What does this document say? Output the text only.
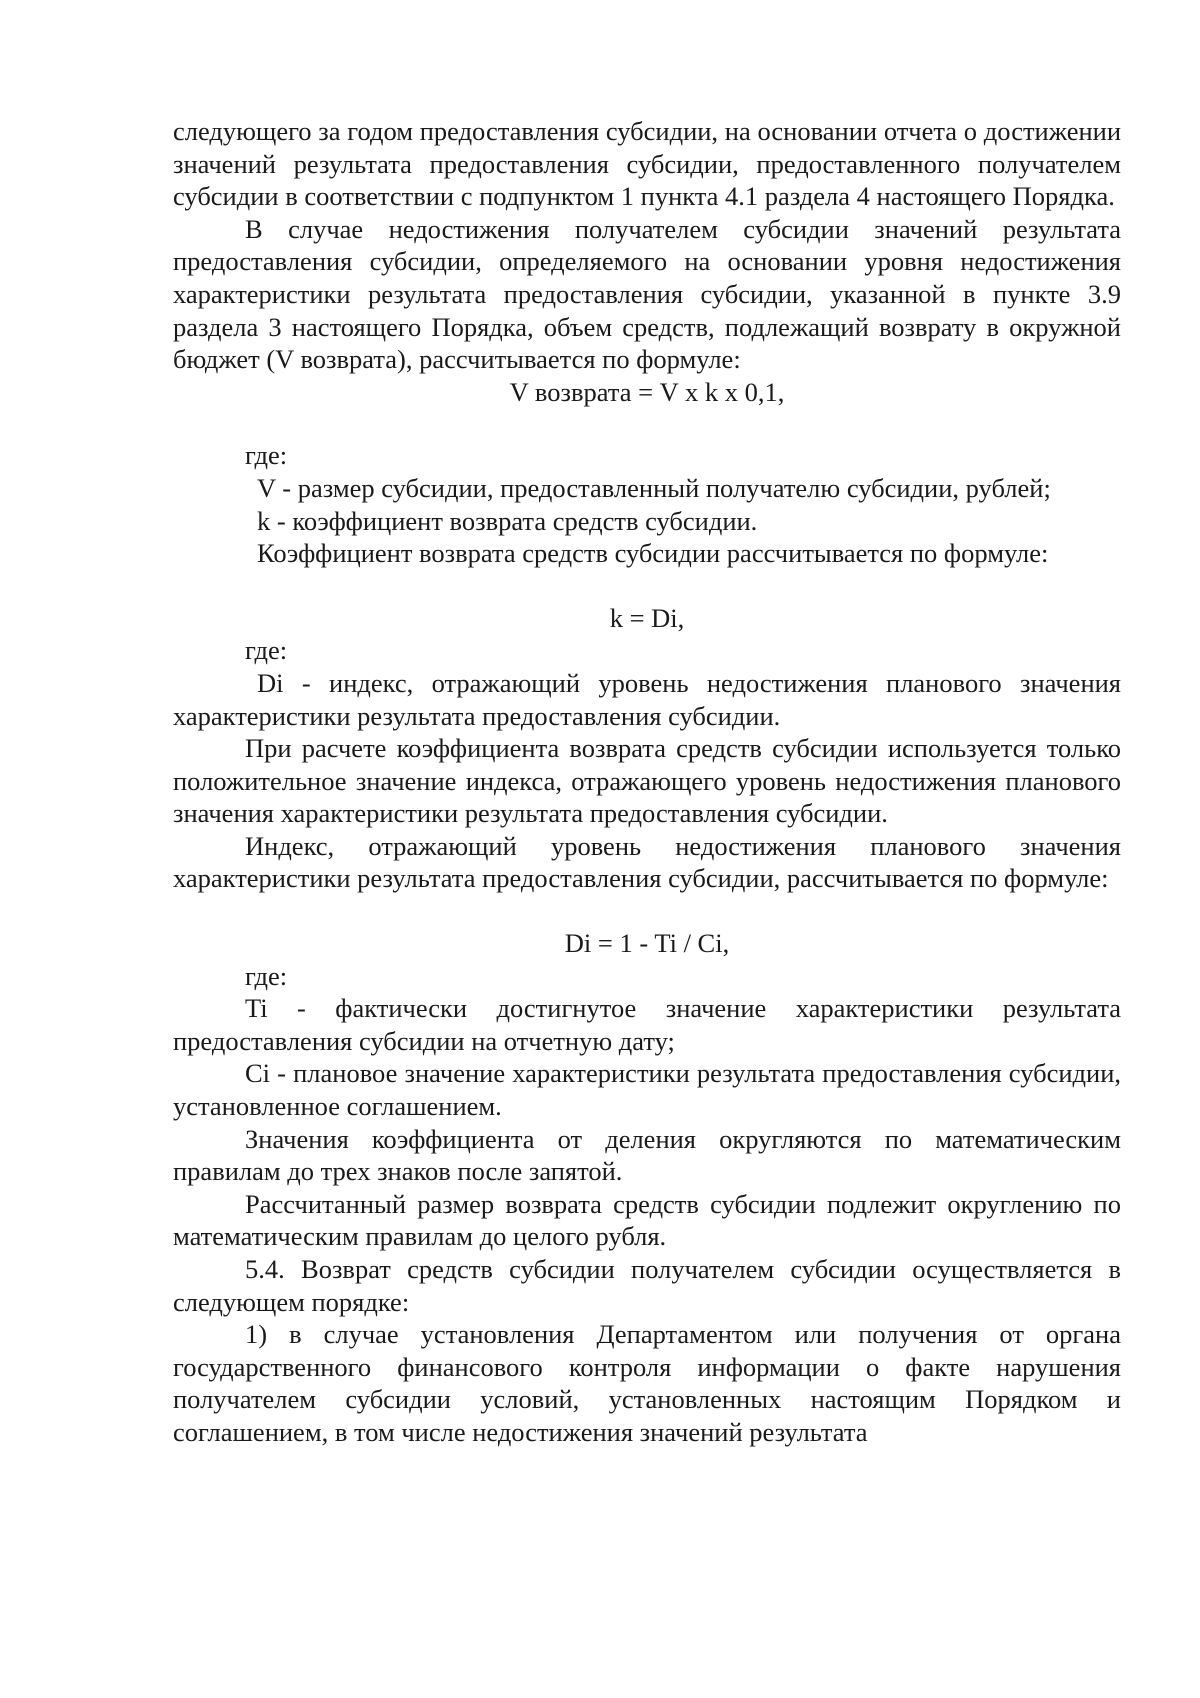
следующего за годом предоставления субсидии, на основании отчета о достижении значений результата предоставления субсидии, предоставленного получателем субсидии в соответствии с подпунктом 1 пункта 4.1 раздела 4 настоящего Порядка.

В случае недостижения получателем субсидии значений результата предоставления субсидии, определяемого на основании уровня недостижения характеристики результата предоставления субсидии, указанной в пункте 3.9 раздела 3 настоящего Порядка, объем средств, подлежащий возврату в окружной бюджет (V возврата), рассчитывается по формуле:

V возврата = V x k x 0,1,

где:

V - размер субсидии, предоставленный получателю субсидии, рублей;

k - коэффициент возврата средств субсидии.

Коэффициент возврата средств субсидии рассчитывается по формуле:

k = Di,

где:

Di - индекс, отражающий уровень недостижения планового значения характеристики результата предоставления субсидии.

При расчете коэффициента возврата средств субсидии используется только положительное значение индекса, отражающего уровень недостижения планового значения характеристики результата предоставления субсидии.

Индекс, отражающий уровень недостижения планового значения характеристики результата предоставления субсидии, рассчитывается по формуле:

Di = 1 - Ti / Ci,

где:

Ti - фактически достигнутое значение характеристики результата предоставления субсидии на отчетную дату;

Ci - плановое значение характеристики результата предоставления субсидии, установленное соглашением.

Значения коэффициента от деления округляются по математическим правилам до трех знаков после запятой.

Рассчитанный размер возврата средств субсидии подлежит округлению по математическим правилам до целого рубля.

5.4. Возврат средств субсидии получателем субсидии осуществляется в следующем порядке:

1) в случае установления Департаментом или получения от органа государственного финансового контроля информации о факте нарушения получателем субсидии условий, установленных настоящим Порядком и соглашением, в том числе недостижения значений результата
